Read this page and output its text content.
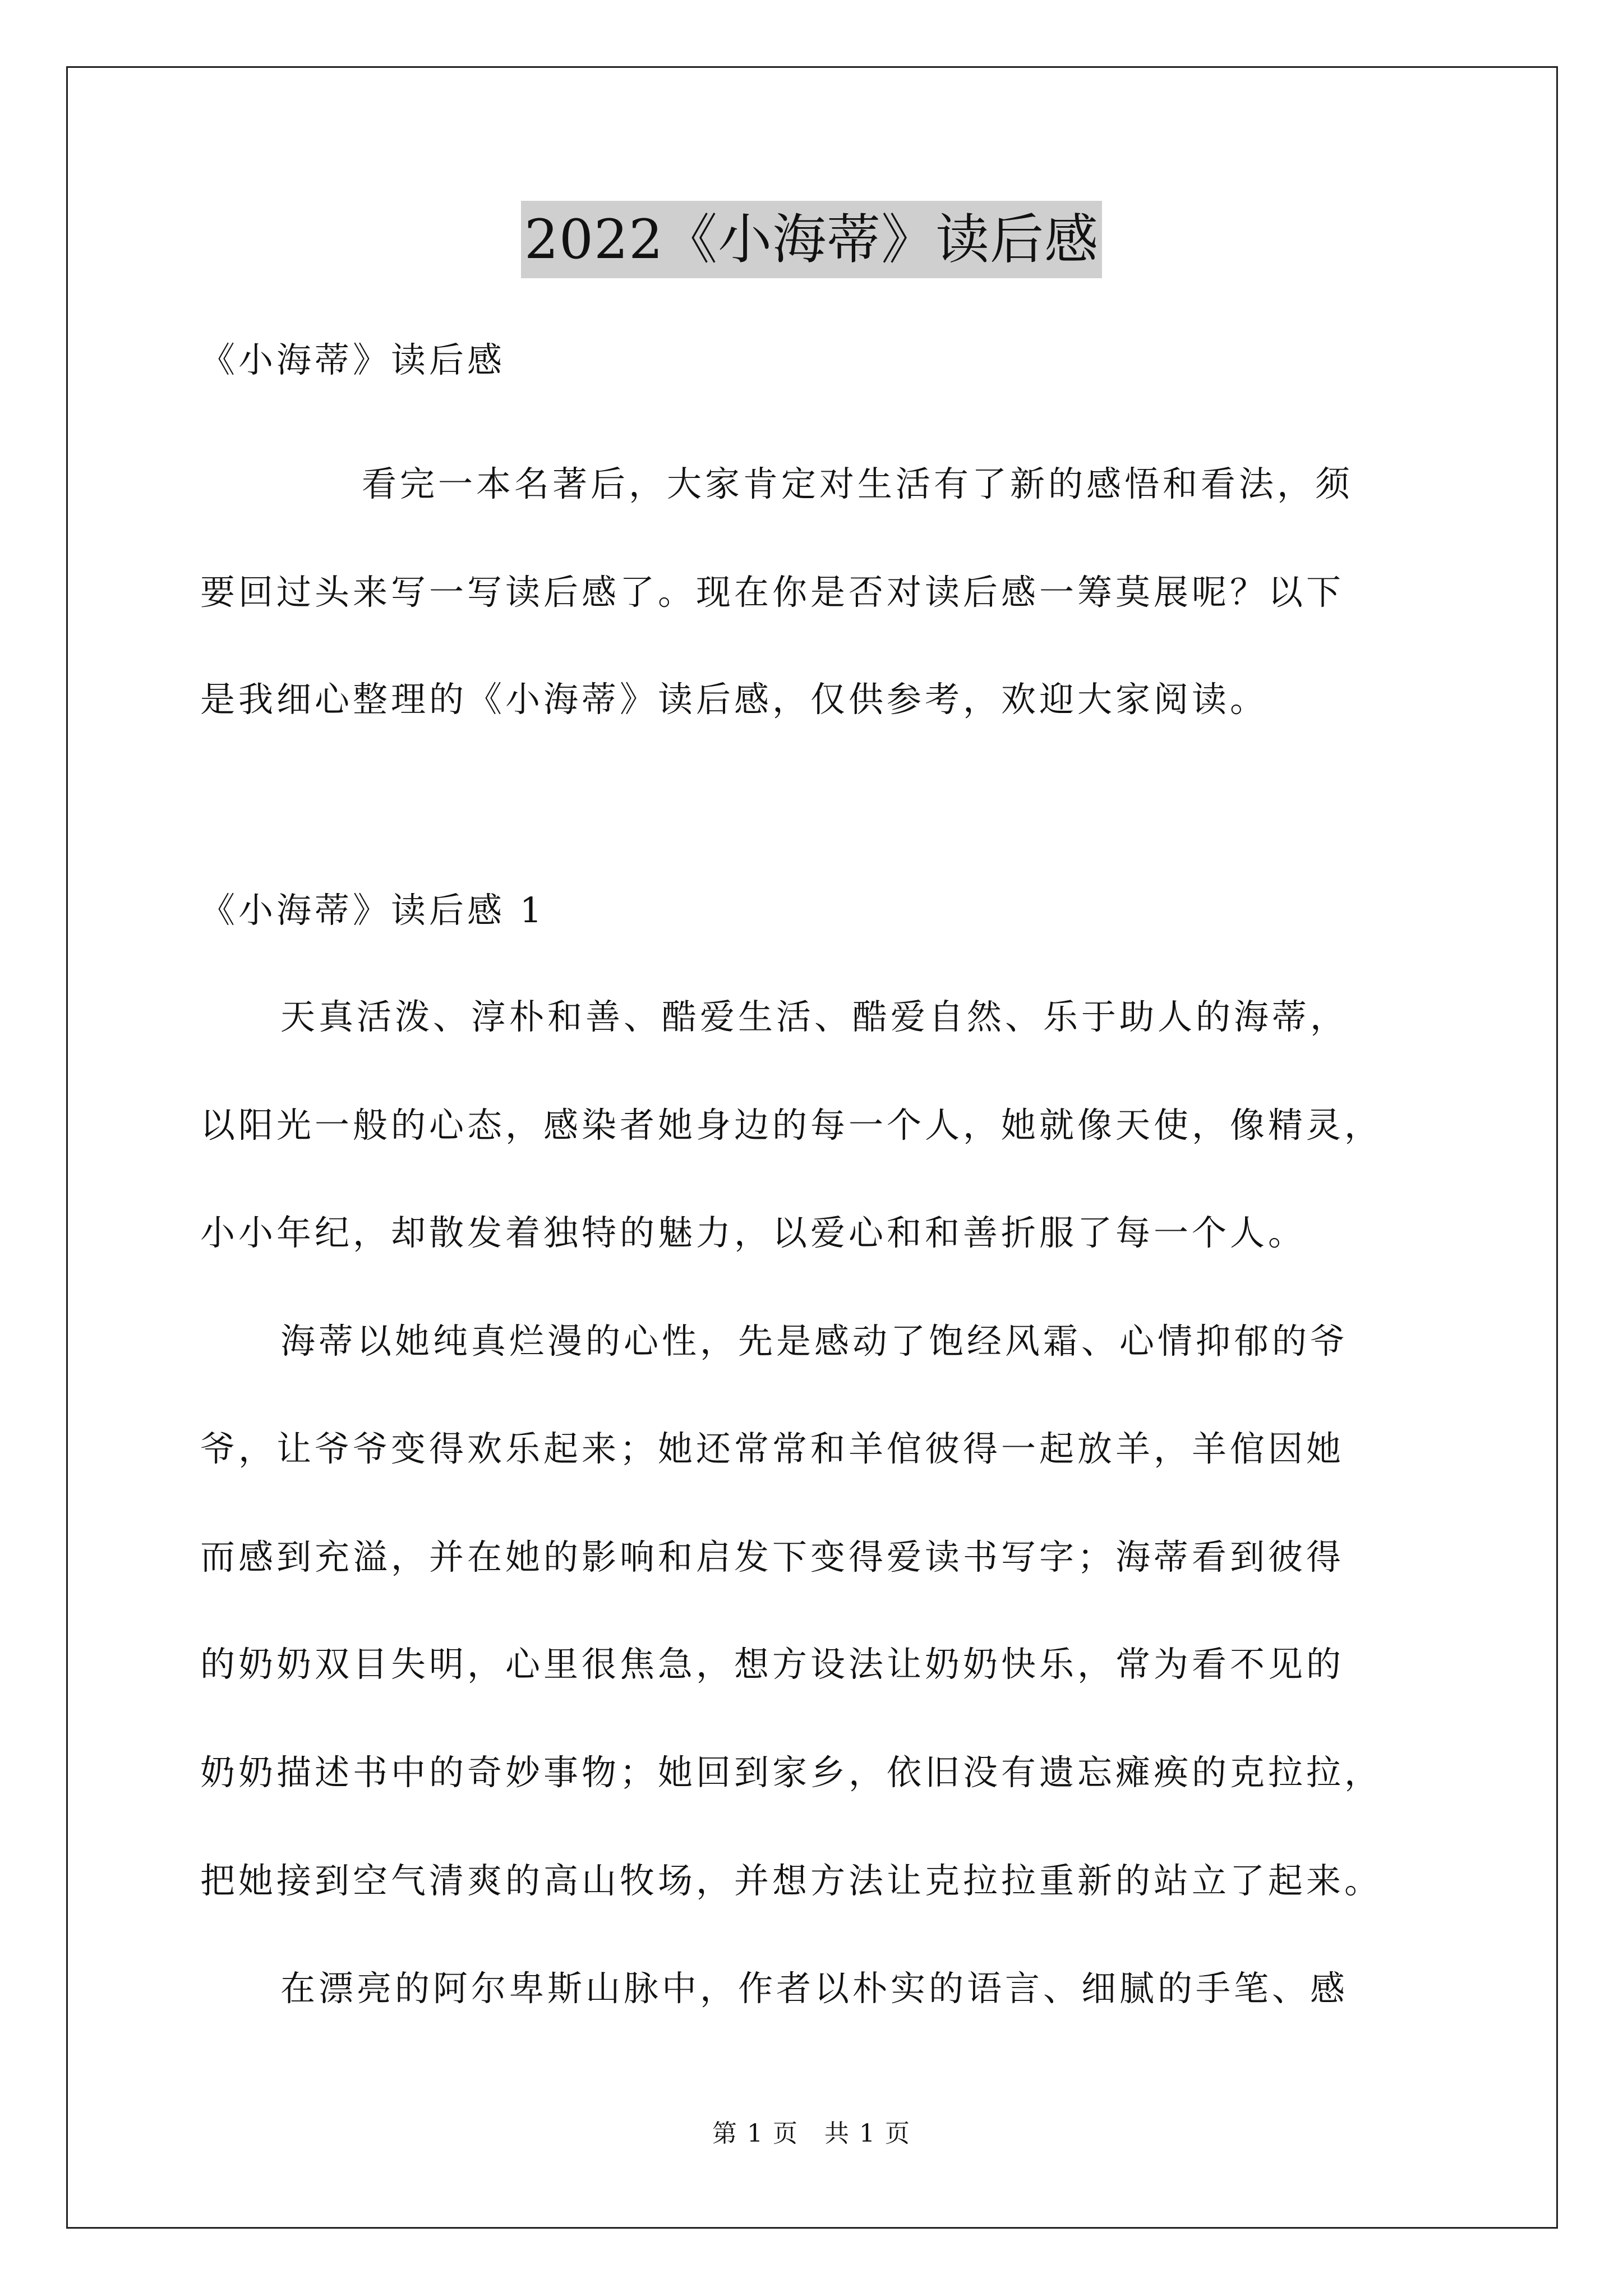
2022《小海蒂》读后感
《小海蒂》读后感
看完一本名著后，大家肯定对生活有了新的感悟和看法，须
要回过头来写一写读后感了。现在你是否对读后感一筹莫展呢？以下
是我细心整理的《小海蒂》读后感，仅供参考，欢迎大家阅读。
《小海蒂》读后感 1
天真活泼、淳朴和善、酷爱生活、酷爱自然、乐于助人的海蒂，
以阳光一般的心态，感染者她身边的每一个人，她就像天使，像精灵，
小小年纪，却散发着独特的魅力，以爱心和和善折服了每一个人。
海蒂以她纯真烂漫的心性，先是感动了饱经风霜、心情抑郁的爷
爷，让爷爷变得欢乐起来；她还常常和羊倌彼得一起放羊，羊倌因她
而感到充溢，并在她的影响和启发下变得爱读书写字；海蒂看到彼得
的奶奶双目失明，心里很焦急，想方设法让奶奶快乐，常为看不见的
奶奶描述书中的奇妙事物；她回到家乡，依旧没有遗忘瘫痪的克拉拉，
把她接到空气清爽的高山牧场，并想方法让克拉拉重新的站立了起来。
在漂亮的阿尔卑斯山脉中，作者以朴实的语言、细腻的手笔、感
第 1 页　共 1 页
